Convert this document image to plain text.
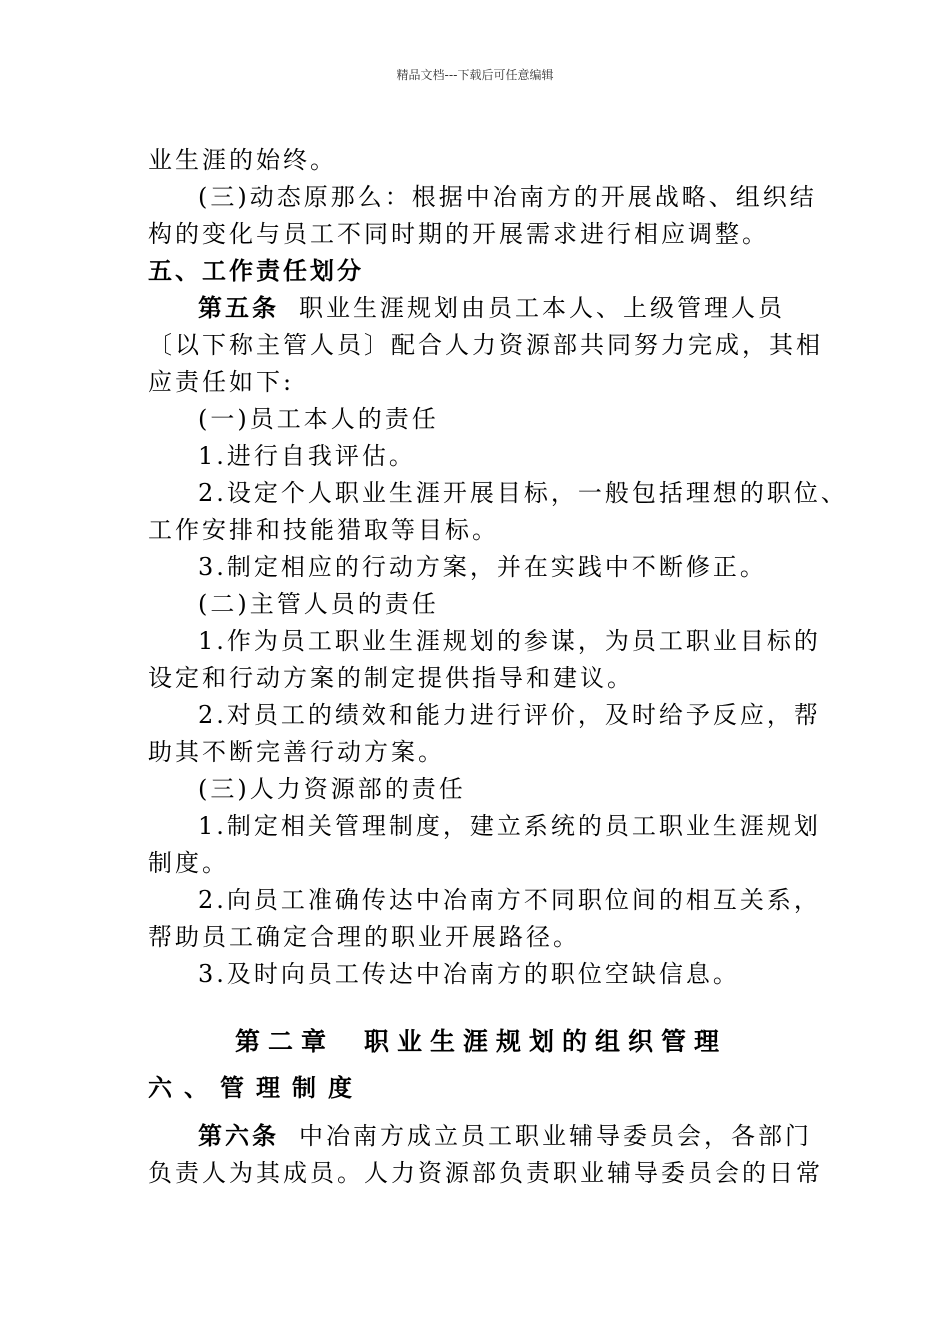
精品文档---下载后可任意编辑
业生涯的始终。
(三)动态原那么：根据中冶南方的开展战略、组织结
构的变化与员工不同时期的开展需求进行相应调整。
五、工作责任划分
第五条 职业生涯规划由员工本人、上级管理人员
〔以下称主管人员〕配合人力资源部共同努力完成，其相
应责任如下:
(一)员工本人的责任
1.进行自我评估。
2.设定个人职业生涯开展目标，一般包括理想的职位、
工作安排和技能猎取等目标。
3.制定相应的行动方案，并在实践中不断修正。
(二)主管人员的责任
1.作为员工职业生涯规划的参谋，为员工职业目标的
设定和行动方案的制定提供指导和建议。
2.对员工的绩效和能力进行评价，及时给予反应，帮
助其不断完善行动方案。
(三)人力资源部的责任
1.制定相关管理制度，建立系统的员工职业生涯规划
制度。
2.向员工准确传达中冶南方不同职位间的相互关系，
帮助员工确定合理的职业开展路径。
3.及时向员工传达中冶南方的职位空缺信息。
第二章 职业生涯规划的组织管理
六、管理制度
第六条 中冶南方成立员工职业辅导委员会，各部门
负责人为其成员。人力资源部负责职业辅导委员会的日常
